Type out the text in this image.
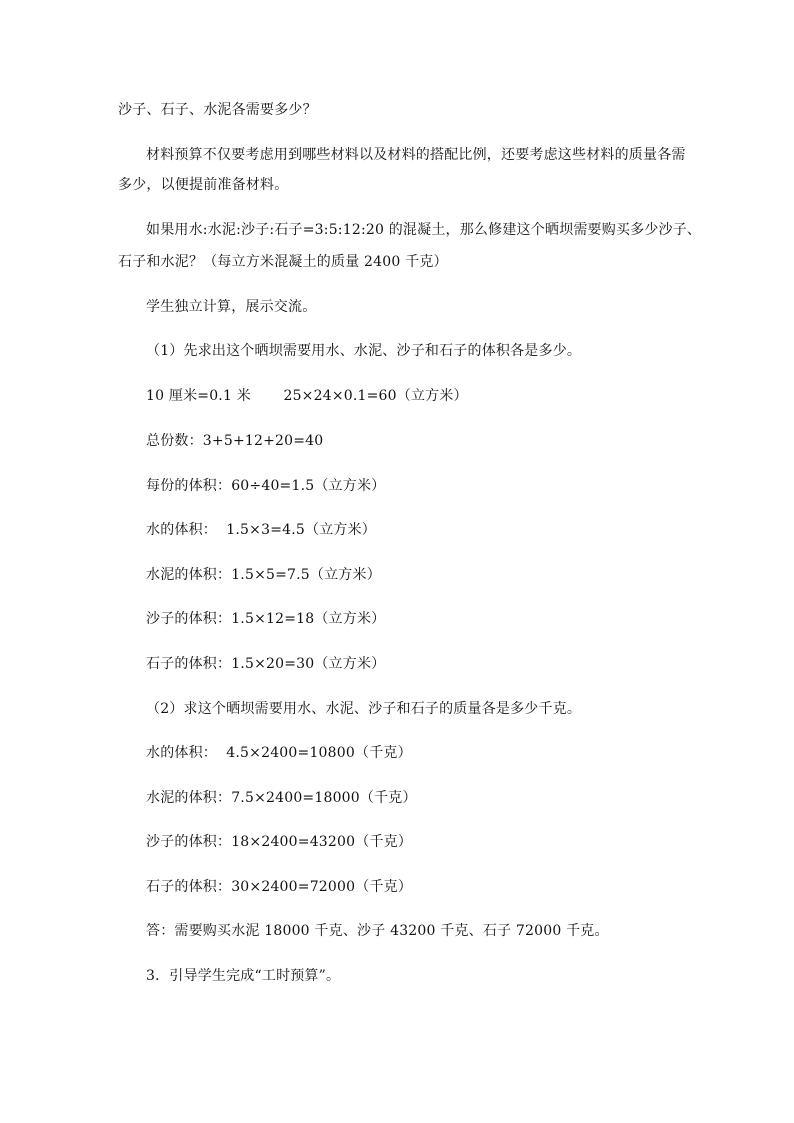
沙子、石子、水泥各需要多少？
材料预算不仅要考虑用到哪些材料以及材料的搭配比例，还要考虑这些材料的质量各需
多少，以便提前准备材料。
如果用水:水泥:沙子:石子=3:5:12:20 的混凝土，那么修建这个晒坝需要购买多少沙子、
石子和水泥？（每立方米混凝土的质量 2400 千克）
学生独立计算，展示交流。
（1）先求出这个晒坝需要用水、水泥、沙子和石子的体积各是多少。
10 厘米=0.1 米       25×24×0.1=60（立方米）
总份数：3+5+12+20=40
每份的体积：60÷40=1.5（立方米）
水的体积：  1.5×3=4.5（立方米）
水泥的体积：1.5×5=7.5（立方米）
沙子的体积：1.5×12=18（立方米）
石子的体积：1.5×20=30（立方米）
（2）求这个晒坝需要用水、水泥、沙子和石子的质量各是多少千克。
水的体积：  4.5×2400=10800（千克）
水泥的体积：7.5×2400=18000（千克）
沙子的体积：18×2400=43200（千克）
石子的体积：30×2400=72000（千克）
答：需要购买水泥 18000 千克、沙子 43200 千克、石子 72000 千克。
3．引导学生完成“工时预算”。
